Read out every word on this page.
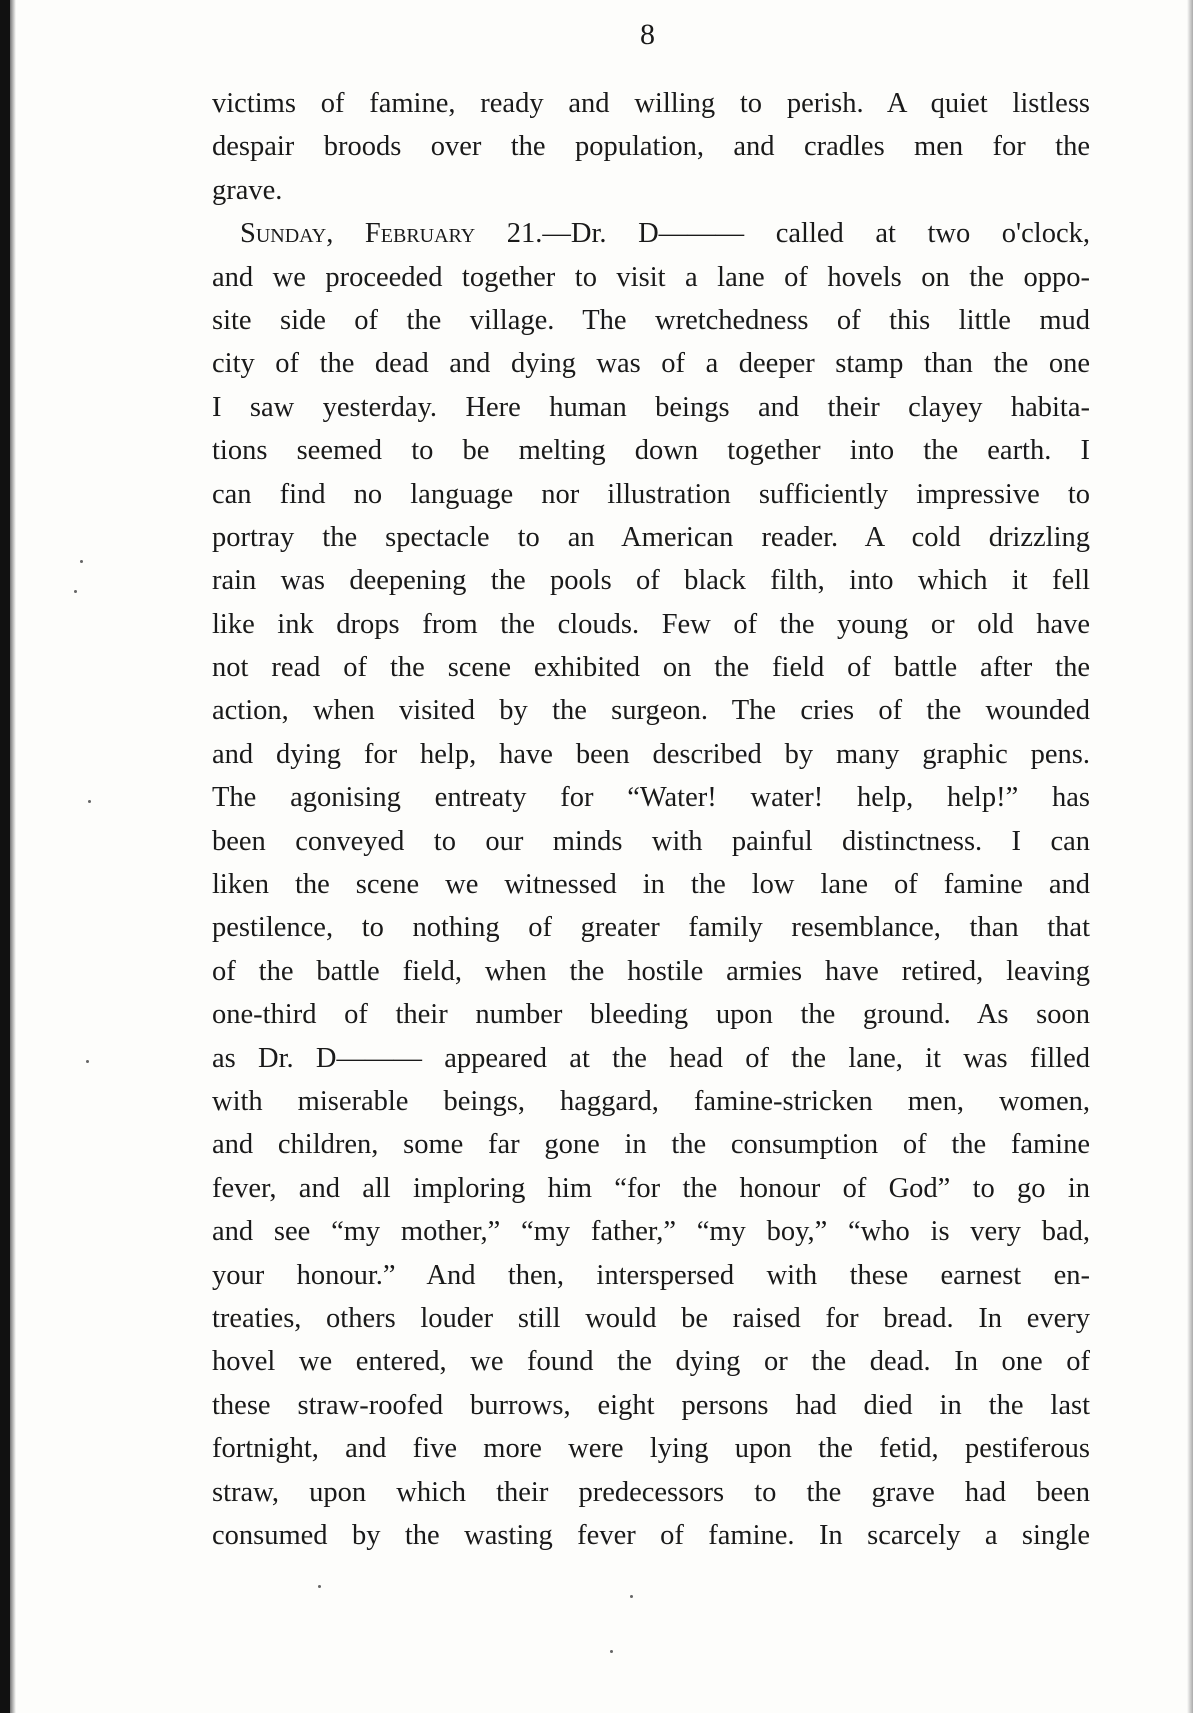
8
victims of famine, ready and willing to perish. A quiet listless
despair broods over the population, and cradles men for the
grave.
Sunday, February 21.—Dr. D——— called at two o'clock,
and we proceeded together to visit a lane of hovels on the oppo-
site side of the village. The wretchedness of this little mud
city of the dead and dying was of a deeper stamp than the one
I saw yesterday. Here human beings and their clayey habita-
tions seemed to be melting down together into the earth. I
can find no language nor illustration sufficiently impressive to
portray the spectacle to an American reader. A cold drizzling
rain was deepening the pools of black filth, into which it fell
like ink drops from the clouds. Few of the young or old have
not read of the scene exhibited on the field of battle after the
action, when visited by the surgeon. The cries of the wounded
and dying for help, have been described by many graphic pens.
The agonising entreaty for “Water! water! help, help!” has
been conveyed to our minds with painful distinctness. I can
liken the scene we witnessed in the low lane of famine and
pestilence, to nothing of greater family resemblance, than that
of the battle field, when the hostile armies have retired, leaving
one-third of their number bleeding upon the ground. As soon
as Dr. D——— appeared at the head of the lane, it was filled
with miserable beings, haggard, famine-stricken men, women,
and children, some far gone in the consumption of the famine
fever, and all imploring him “for the honour of God” to go in
and see “my mother,” “my father,” “my boy,” “who is very bad,
your honour.” And then, interspersed with these earnest en-
treaties, others louder still would be raised for bread. In every
hovel we entered, we found the dying or the dead. In one of
these straw-roofed burrows, eight persons had died in the last
fortnight, and five more were lying upon the fetid, pestiferous
straw, upon which their predecessors to the grave had been
consumed by the wasting fever of famine. In scarcely a single
